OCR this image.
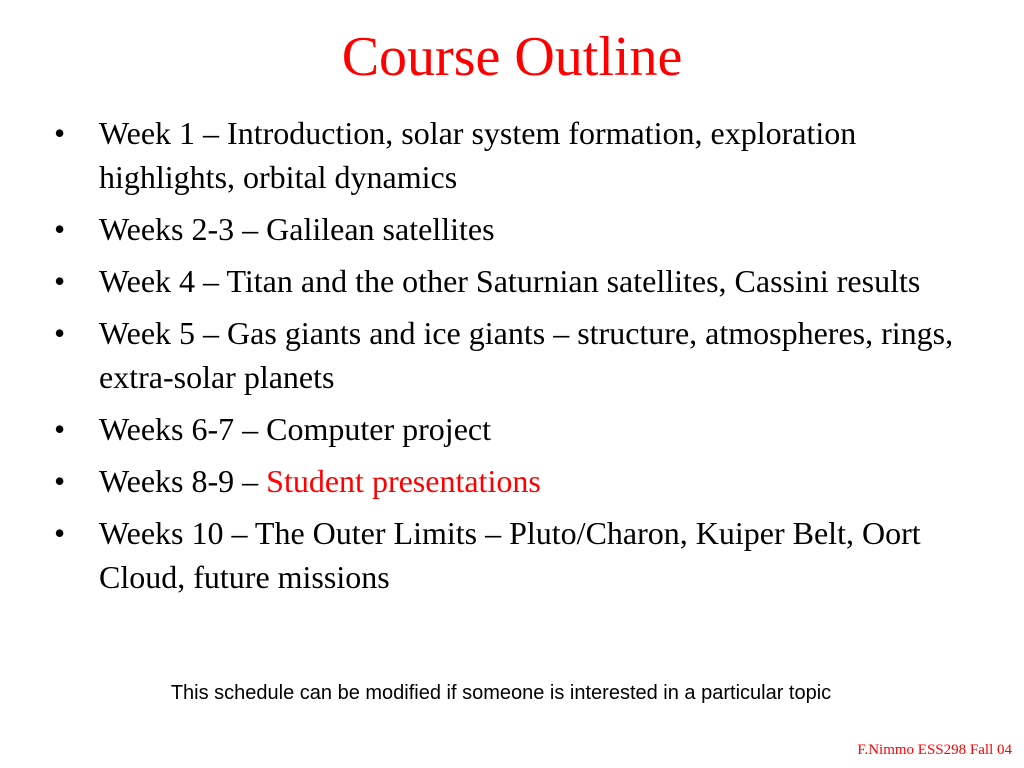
Course Outline
• Week 1 – Introduction, solar system formation, exploration highlights, orbital dynamics
• Weeks 2-3 – Galilean satellites
• Week 4 – Titan and the other Saturnian satellites, Cassini results
• Week 5 – Gas giants and ice giants – structure, atmospheres, rings, extra-solar planets
• Weeks 6-7 – Computer project
• Weeks 8-9 – Student presentations
• Weeks 10 – The Outer Limits – Pluto/Charon, Kuiper Belt, Oort Cloud, future missions
This schedule can be modified if someone is interested in a particular topic
F.Nimmo ESS298 Fall 04
